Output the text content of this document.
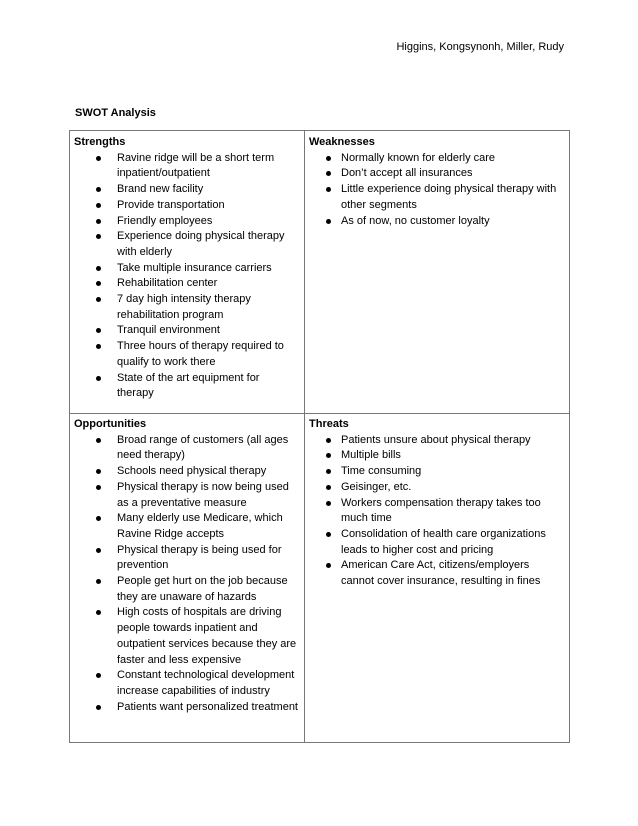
Higgins, Kongsynonh, Miller, Rudy
SWOT Analysis
Strengths
Ravine ridge will be a short term inpatient/outpatient
Brand new facility
Provide transportation
Friendly employees
Experience doing physical therapy with elderly
Take multiple insurance carriers
Rehabilitation center
7 day high intensity therapy rehabilitation program
Tranquil environment
Three hours of therapy required to qualify to work there
State of the art equipment for therapy
Weaknesses
Normally known for elderly care
Don’t accept all insurances
Little experience doing physical therapy with other segments
As of now, no customer loyalty
Opportunities
Broad range of customers (all ages need therapy)
Schools need physical therapy
Physical therapy is now being used as a preventative measure
Many elderly use Medicare, which Ravine Ridge accepts
Physical therapy is being used for prevention
People get hurt on the job because they are unaware of hazards
High costs of hospitals are driving people towards inpatient and outpatient services because they are faster and less expensive
Constant technological development increase capabilities of industry
Patients want personalized treatment
Threats
Patients unsure about physical therapy
Multiple bills
Time consuming
Geisinger, etc.
Workers compensation therapy takes too much time
Consolidation of health care organizations leads to higher cost and pricing
American Care Act, citizens/employers cannot cover insurance, resulting in fines
